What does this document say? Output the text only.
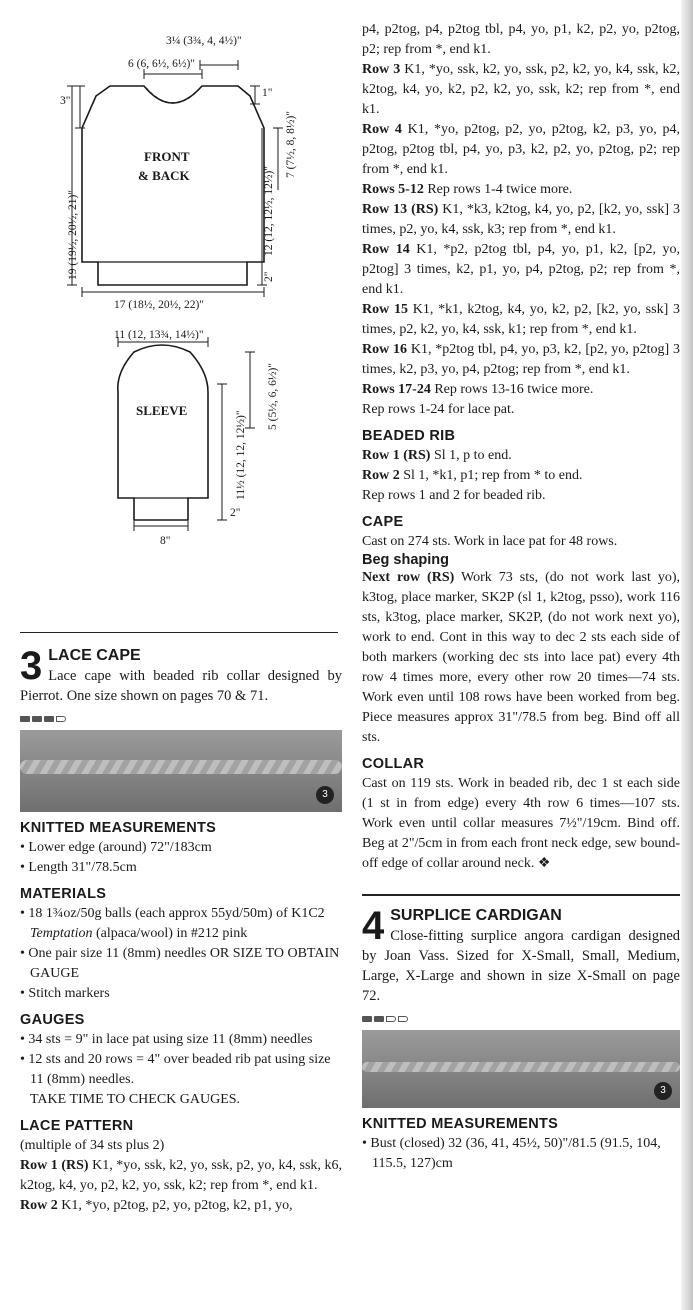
3¼ (3¾, 4, 4½)"
6 (6, 6½, 6½)"
1"
3"
FRONT
& BACK	7 (7½, 8, 8½)"
19 (19½, 20½, 21)"	12 (12, 12½, 12½)"
2"
17 (18½, 20½, 22)"
11 (12, 13¾, 14½)"
5 (5½, 6, 6½)"
SLEEVE	11½ (12, 12, 12½)"
2"
8"
3 LACE CAPE
Lace cape with beaded rib collar designed by Pierrot. One size shown on pages 70 & 71.
3
KNITTED MEASUREMENTS
• Lower edge (around) 72"/183cm
• Length 31"/78.5cm
MATERIALS
• 18 1¾oz/50g balls (each approx 55yd/50m) of K1C2 Temptation (alpaca/wool) in #212 pink
• One pair size 11 (8mm) needles OR SIZE TO OBTAIN GAUGE
• Stitch markers
GAUGES
• 34 sts = 9" in lace pat using size 11 (8mm) needles
• 12 sts and 20 rows = 4" over beaded rib pat using size 11 (8mm) needles.
TAKE TIME TO CHECK GAUGES.
LACE PATTERN

(multiple of 34 sts plus 2)

Row 1 (RS) K1, *yo, ssk, k2, yo, ssk, p2, yo, k4, ssk, k6, k2tog, k4, yo, p2, k2, yo, ssk, k2; rep from *, end k1.

Row 2 K1, *yo, p2tog, p2, yo, p2tog, k2, p1, yo,

p4, p2tog, p4, p2tog tbl, p4, yo, p1, k2, p2, yo, p2tog, p2; rep from *, end k1.

Row 3 K1, *yo, ssk, k2, yo, ssk, p2, k2, yo, k4, ssk, k2, k2tog, k4, yo, k2, p2, k2, yo, ssk, k2; rep from *, end k1.

Row 4 K1, *yo, p2tog, p2, yo, p2tog, k2, p3, yo, p4, p2tog, p2tog tbl, p4, yo, p3, k2, p2, yo, p2tog, p2; rep from *, end k1.

Rows 5-12 Rep rows 1-4 twice more.

Row 13 (RS) K1, *k3, k2tog, k4, yo, p2, [k2, yo, ssk] 3 times, p2, yo, k4, ssk, k3; rep from *, end k1.

Row 14 K1, *p2, p2tog tbl, p4, yo, p1, k2, [p2, yo, p2tog] 3 times, k2, p1, yo, p4, p2tog, p2; rep from *, end k1.

Row 15 K1, *k1, k2tog, k4, yo, k2, p2, [k2, yo, ssk] 3 times, p2, k2, yo, k4, ssk, k1; rep from *, end k1.

Row 16 K1, *p2tog tbl, p4, yo, p3, k2, [p2, yo, p2tog] 3 times, k2, p3, yo, p4, p2tog; rep from *, end k1.

Rows 17-24 Rep rows 13-16 twice more.

Rep rows 1-24 for lace pat.

BEADED RIB

Row 1 (RS) Sl 1, p to end.

Row 2 Sl 1, *k1, p1; rep from * to end.

Rep rows 1 and 2 for beaded rib.

CAPE

Cast on 274 sts. Work in lace pat for 48 rows.

Beg shaping

Next row (RS) Work 73 sts, (do not work last yo), k3tog, place marker, SK2P (sl 1, k2tog, psso), work 116 sts, k3tog, place marker, SK2P, (do not work next yo), work to end. Cont in this way to dec 2 sts each side of both markers (working dec sts into lace pat) every 4th row 4 times more, every other row 20 times—74 sts. Work even until 108 rows have been worked from beg. Piece measures approx 31"/78.5 from beg. Bind off all sts.

COLLAR

Cast on 119 sts. Work in beaded rib, dec 1 st each side (1 st in from edge) every 4th row 6 times—107 sts. Work even until collar measures 7½"/19cm. Bind off. Beg at 2"/5cm in from each front neck edge, sew bound-off edge of collar around neck. ❖

4 SURPLICE CARDIGAN
Close-fitting surplice angora cardigan designed by Joan Vass. Sized for X-Small, Small, Medium, Large, X-Large and shown in size X-Small on page 72.
3
KNITTED MEASUREMENTS
• Bust (closed) 32 (36, 41, 45½, 50)"/81.5 (91.5, 104, 115.5, 127)cm
